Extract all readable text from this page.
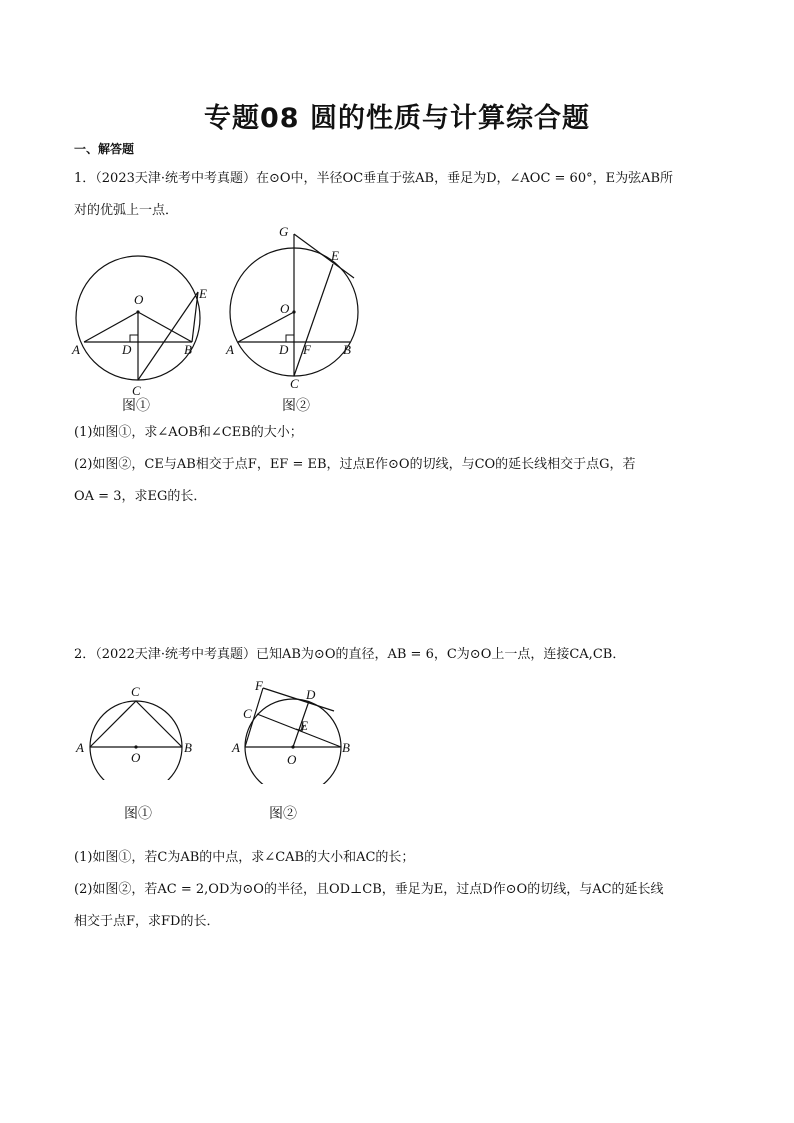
专题08 圆的性质与计算综合题
一、解答题
1．（2023天津·统考中考真题）在⊙O中，半径OC垂直于弦AB，垂足为D，∠AOC = 60°，E为弦AB所
对的优弧上一点．
O
A	B
C
D
E
图①
G
E
O
A	D F B
C
图②
(1)如图①，求∠AOB和∠CEB的大小；
(2)如图②，CE与AB相交于点F，EF = EB，过点E作⊙O的切线，与CO的延长线相交于点G，若
OA = 3，求EG的长．
2．（2022天津·统考中考真题）已知AB为⊙O的直径，AB = 6，C为⊙O上一点，连接CA,CB．
C
A	B
O
图①
F
D
C
E
A
O
B
图②
(1)如图①，若C为AB的中点，求∠CAB的大小和AC的长；
(2)如图②，若AC = 2,OD为⊙O的半径，且OD⊥CB，垂足为E，过点D作⊙O的切线，与AC的延长线
相交于点F，求FD的长．
